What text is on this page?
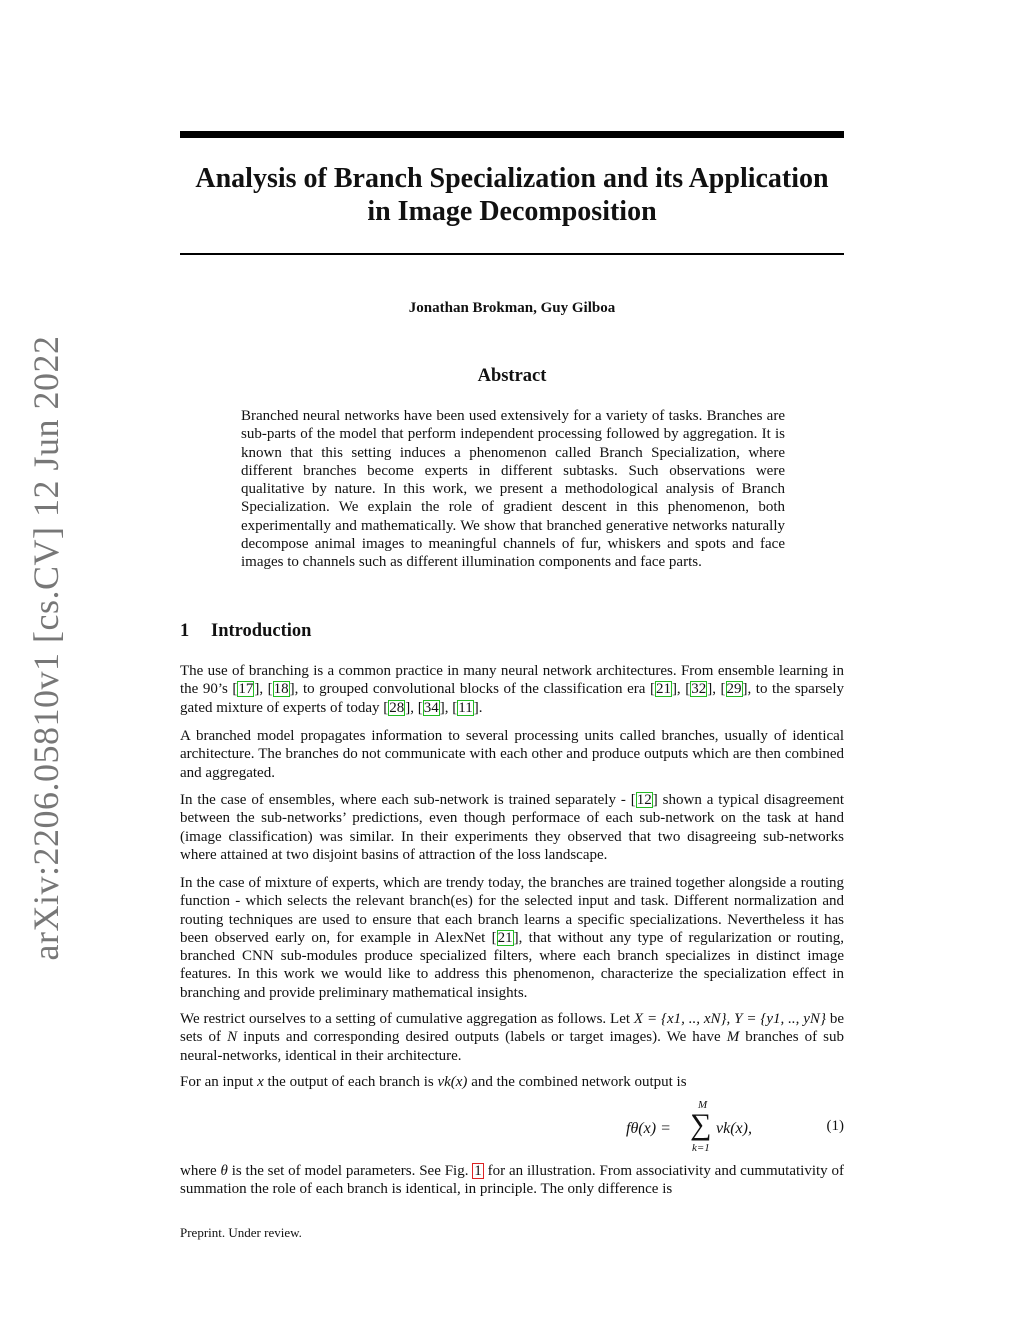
arXiv:2206.05810v1 [cs.CV] 12 Jun 2022
Analysis of Branch Specialization and its Application
in Image Decomposition

Jonathan Brokman, Guy Gilboa

Abstract

Branched neural networks have been used extensively for a variety of tasks. Branches are sub-parts of the model that perform independent processing followed by aggregation. It is known that this setting induces a phenomenon called Branch Specialization, where different branches become experts in different subtasks. Such observations were qualitative by nature. In this work, we present a methodological analysis of Branch Specialization. We explain the role of gradient descent in this phenomenon, both experimentally and mathematically. We show that branched generative networks naturally decompose animal images to meaningful channels of fur, whiskers and spots and face images to channels such as different illumination components and face parts.

1 Introduction

The use of branching is a common practice in many neural network architectures. From ensemble learning in the 90’s [17], [18], to grouped convolutional blocks of the classification era [21], [32], [29], to the sparsely gated mixture of experts of today [28], [34], [11].

A branched model propagates information to several processing units called branches, usually of identical architecture. The branches do not communicate with each other and produce outputs which are then combined and aggregated.

In the case of ensembles, where each sub-network is trained separately - [12] shown a typical disagreement between the sub-networks’ predictions, even though performace of each sub-network on the task at hand (image classification) was similar. In their experiments they observed that two disagreeing sub-networks where attained at two disjoint basins of attraction of the loss landscape.

In the case of mixture of experts, which are trendy today, the branches are trained together alongside a routing function - which selects the relevant branch(es) for the selected input and task. Different normalization and routing techniques are used to ensure that each branch learns a specific specializations. Nevertheless it has been observed early on, for example in AlexNet [21], that without any type of regularization or routing, branched CNN sub-modules produce specialized filters, where each branch specializes in distinct image features. In this work we would like to address this phenomenon, characterize the specialization effect in branching and provide preliminary mathematical insights.

We restrict ourselves to a setting of cumulative aggregation as follows. Let X = {x1, .., xN}, Y = {y1, .., yN} be sets of N inputs and corresponding desired outputs (labels or target images). We have M branches of sub neural-networks, identical in their architecture.

For an input x the output of each branch is vk(x) and the combined network output is

fθ(x) =
M
∑
k=1
vk(x),	(1)

where θ is the set of model parameters. See Fig. 1 for an illustration. From associativity and cummutativity of summation the role of each branch is identical, in principle. The only difference is

Preprint. Under review.
